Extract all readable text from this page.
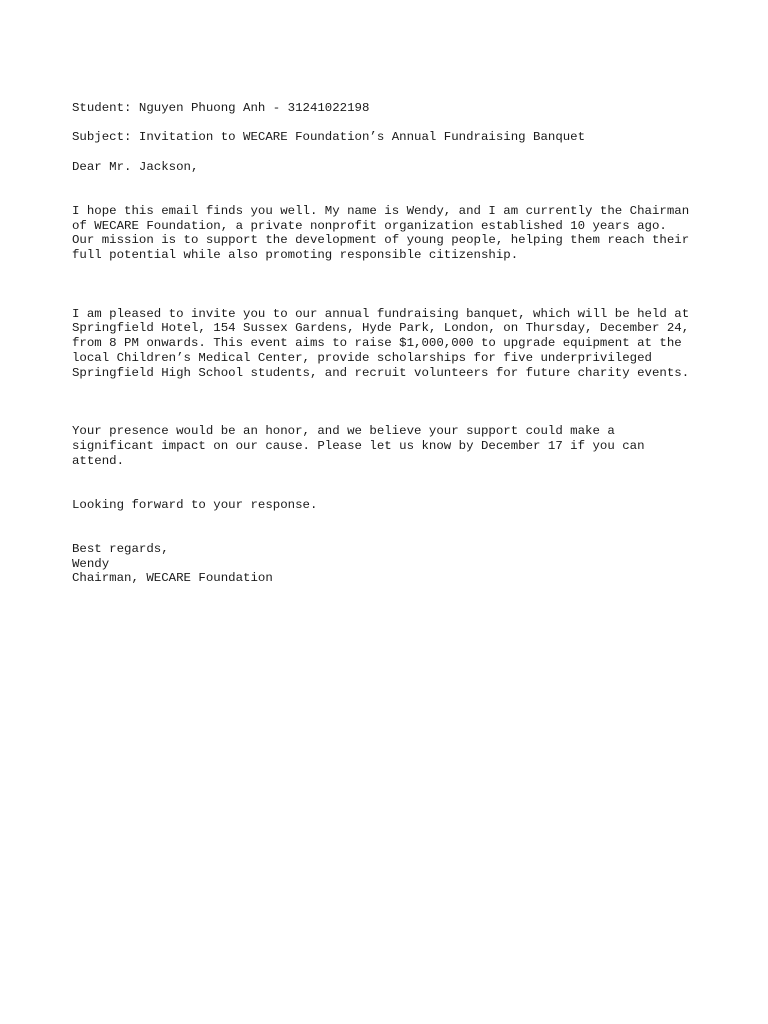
Student: Nguyen Phuong Anh - 31241022198

Subject: Invitation to WECARE Foundation’s Annual Fundraising Banquet

Dear Mr. Jackson,

I hope this email finds you well. My name is Wendy, and I am currently the Chairman
of WECARE Foundation, a private nonprofit organization established 10 years ago.
Our mission is to support the development of young people, helping them reach their
full potential while also promoting responsible citizenship.

I am pleased to invite you to our annual fundraising banquet, which will be held at
Springfield Hotel, 154 Sussex Gardens, Hyde Park, London, on Thursday, December 24,
from 8 PM onwards. This event aims to raise $1,000,000 to upgrade equipment at the
local Children’s Medical Center, provide scholarships for five underprivileged
Springfield High School students, and recruit volunteers for future charity events.

Your presence would be an honor, and we believe your support could make a
significant impact on our cause. Please let us know by December 17 if you can
attend.

Looking forward to your response.

Best regards,
Wendy
Chairman, WECARE Foundation
